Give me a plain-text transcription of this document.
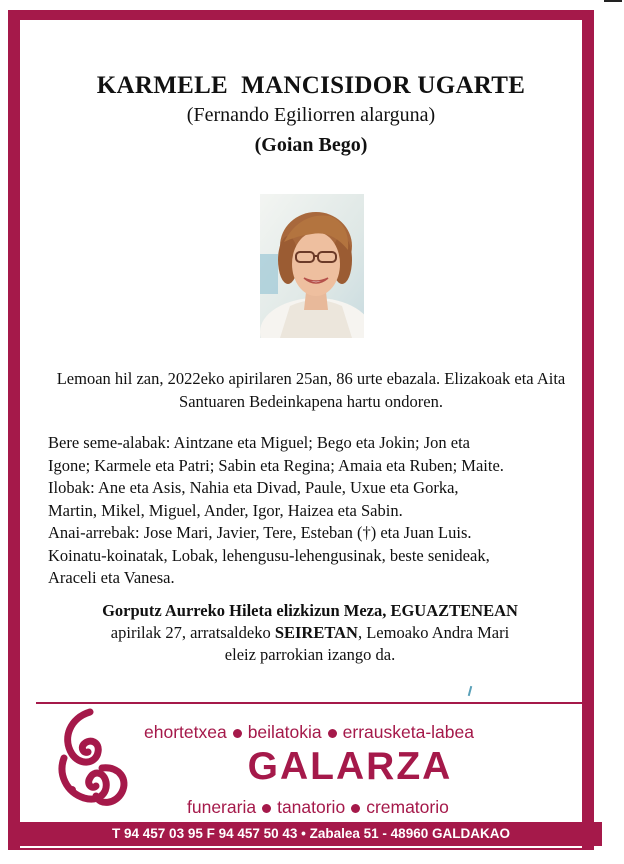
KARMELE  MANCISIDOR UGARTE
(Fernando Egiliorren alarguna)
(Goian Bego)
Lemoan hil zan, 2022eko apirilaren 25an, 86 urte ebazala. Elizakoak eta Aita Santuaren Bedeinkapena hartu ondoren.
Bere seme-alabak: Aintzane eta Miguel; Bego eta Jokin; Jon eta
Igone; Karmele eta Patri; Sabin eta Regina; Amaia eta Ruben; Maite.
Ilobak: Ane eta Asis, Nahia eta Divad, Paule, Uxue eta Gorka,
Martin, Mikel, Miguel, Ander, Igor, Haizea eta Sabin.
Anai-arrebak: Jose Mari, Javier, Tere, Esteban (†) eta Juan Luis.
Koinatu-koinatak, Lobak, lehengusu-lehengusinak, beste senideak,
Araceli eta Vanesa.
Gorputz Aurreko Hileta elizkizun Meza, EGUAZTENEAN
apirilak 27, arratsaldeko SEIRETAN, Lemoako Andra Mari
eleiz parrokian izango da.
ehortetxea beilatokia errausketa-labea
GALARZA
funeraria tanatorio crematorio
T 94 457 03 95 F 94 457 50 43 • Zabalea 51 - 48960 GALDAKAO
